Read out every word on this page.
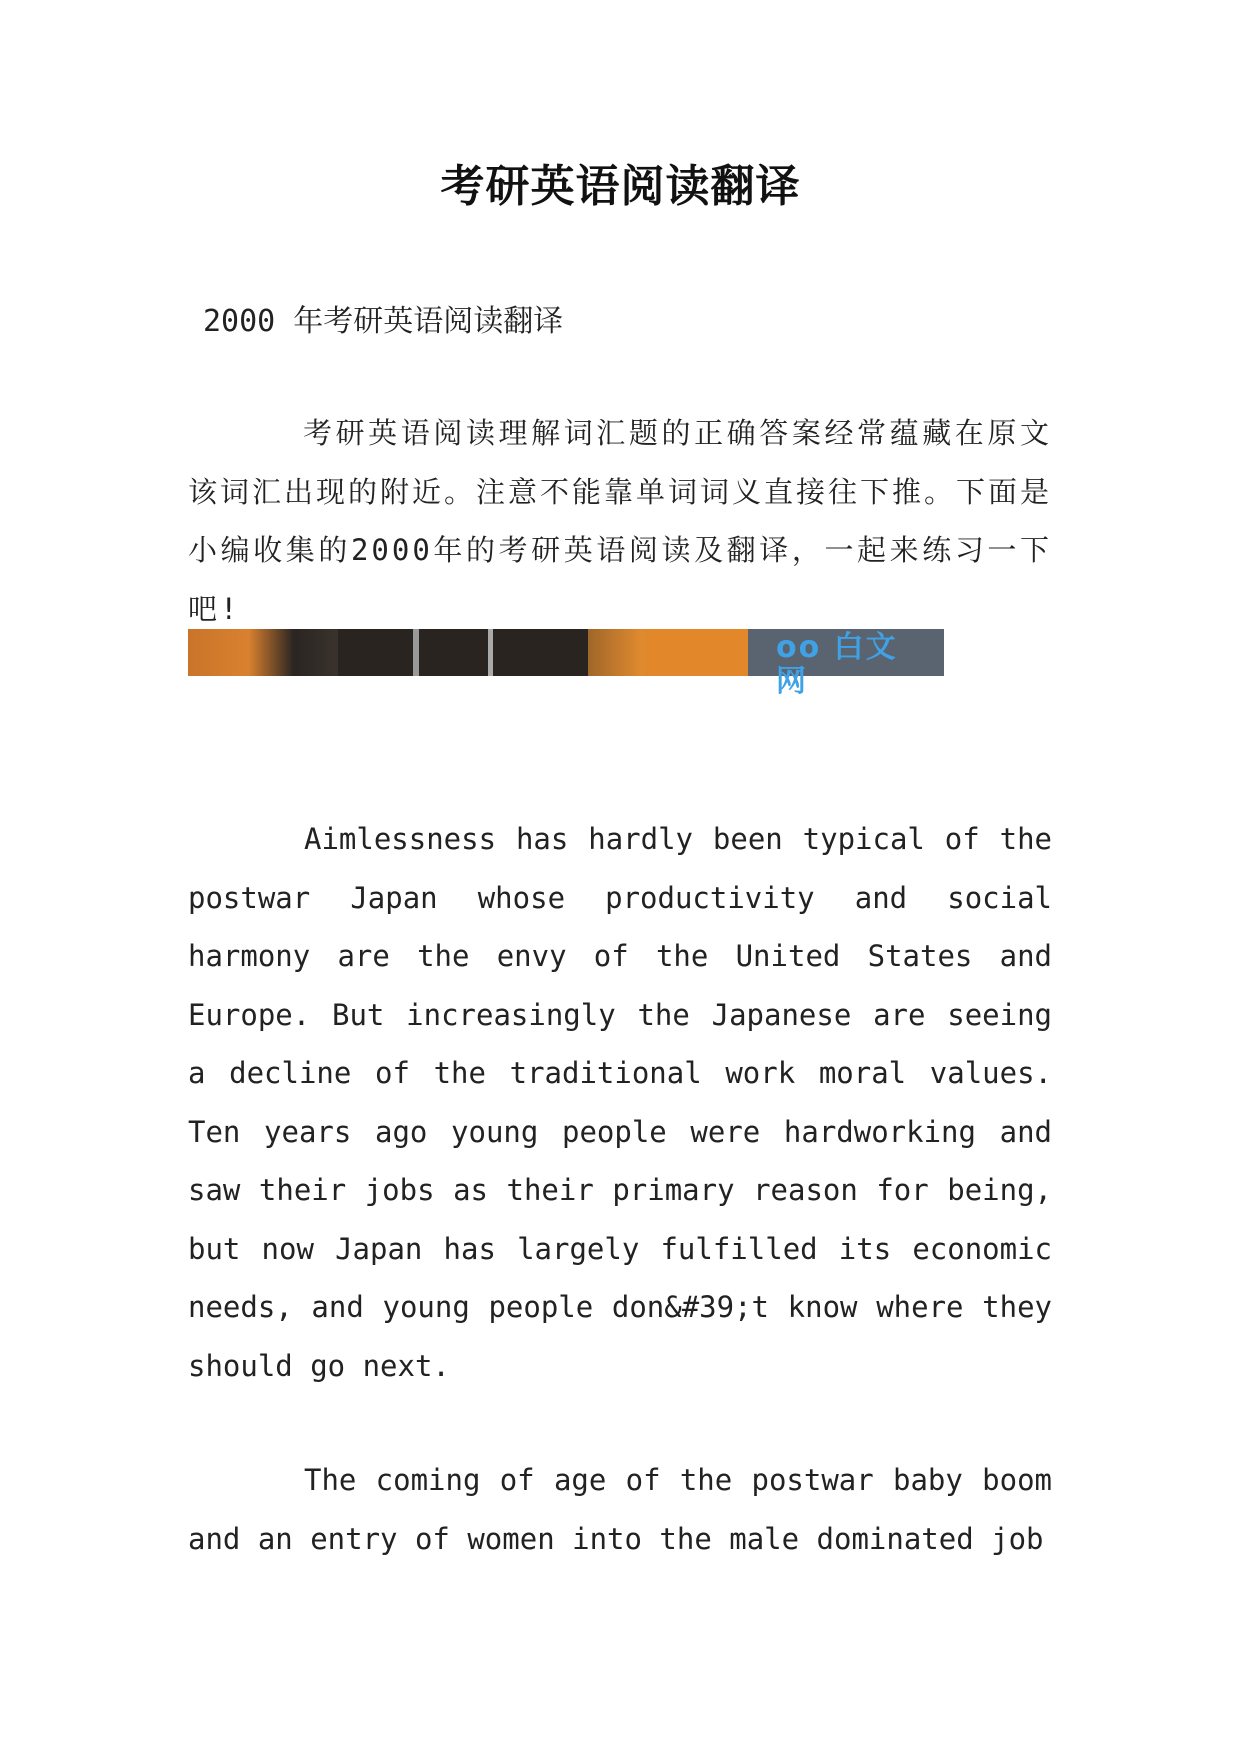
考研英语阅读翻译
2000 年考研英语阅读翻译

考研英语阅读理解词汇题的正确答案经常蕴藏在原文该词汇出现的附近。注意不能靠单词词义直接往下推。下面是小编收集的2000年的考研英语阅读及翻译，一起来练习一下吧!

oo 白文网

Aimlessness has hardly been typical of the postwar Japan whose productivity and social harmony are the envy of the United States and Europe. But increasingly the Japanese are seeing a decline of the traditional work moral values. Ten years ago young people were hardworking and saw their jobs as their primary reason for being, but now Japan has largely fulfilled its economic needs, and young people don&#39;t know where they should go next.

The coming of age of the postwar baby boom and an entry of women into the male dominated job
